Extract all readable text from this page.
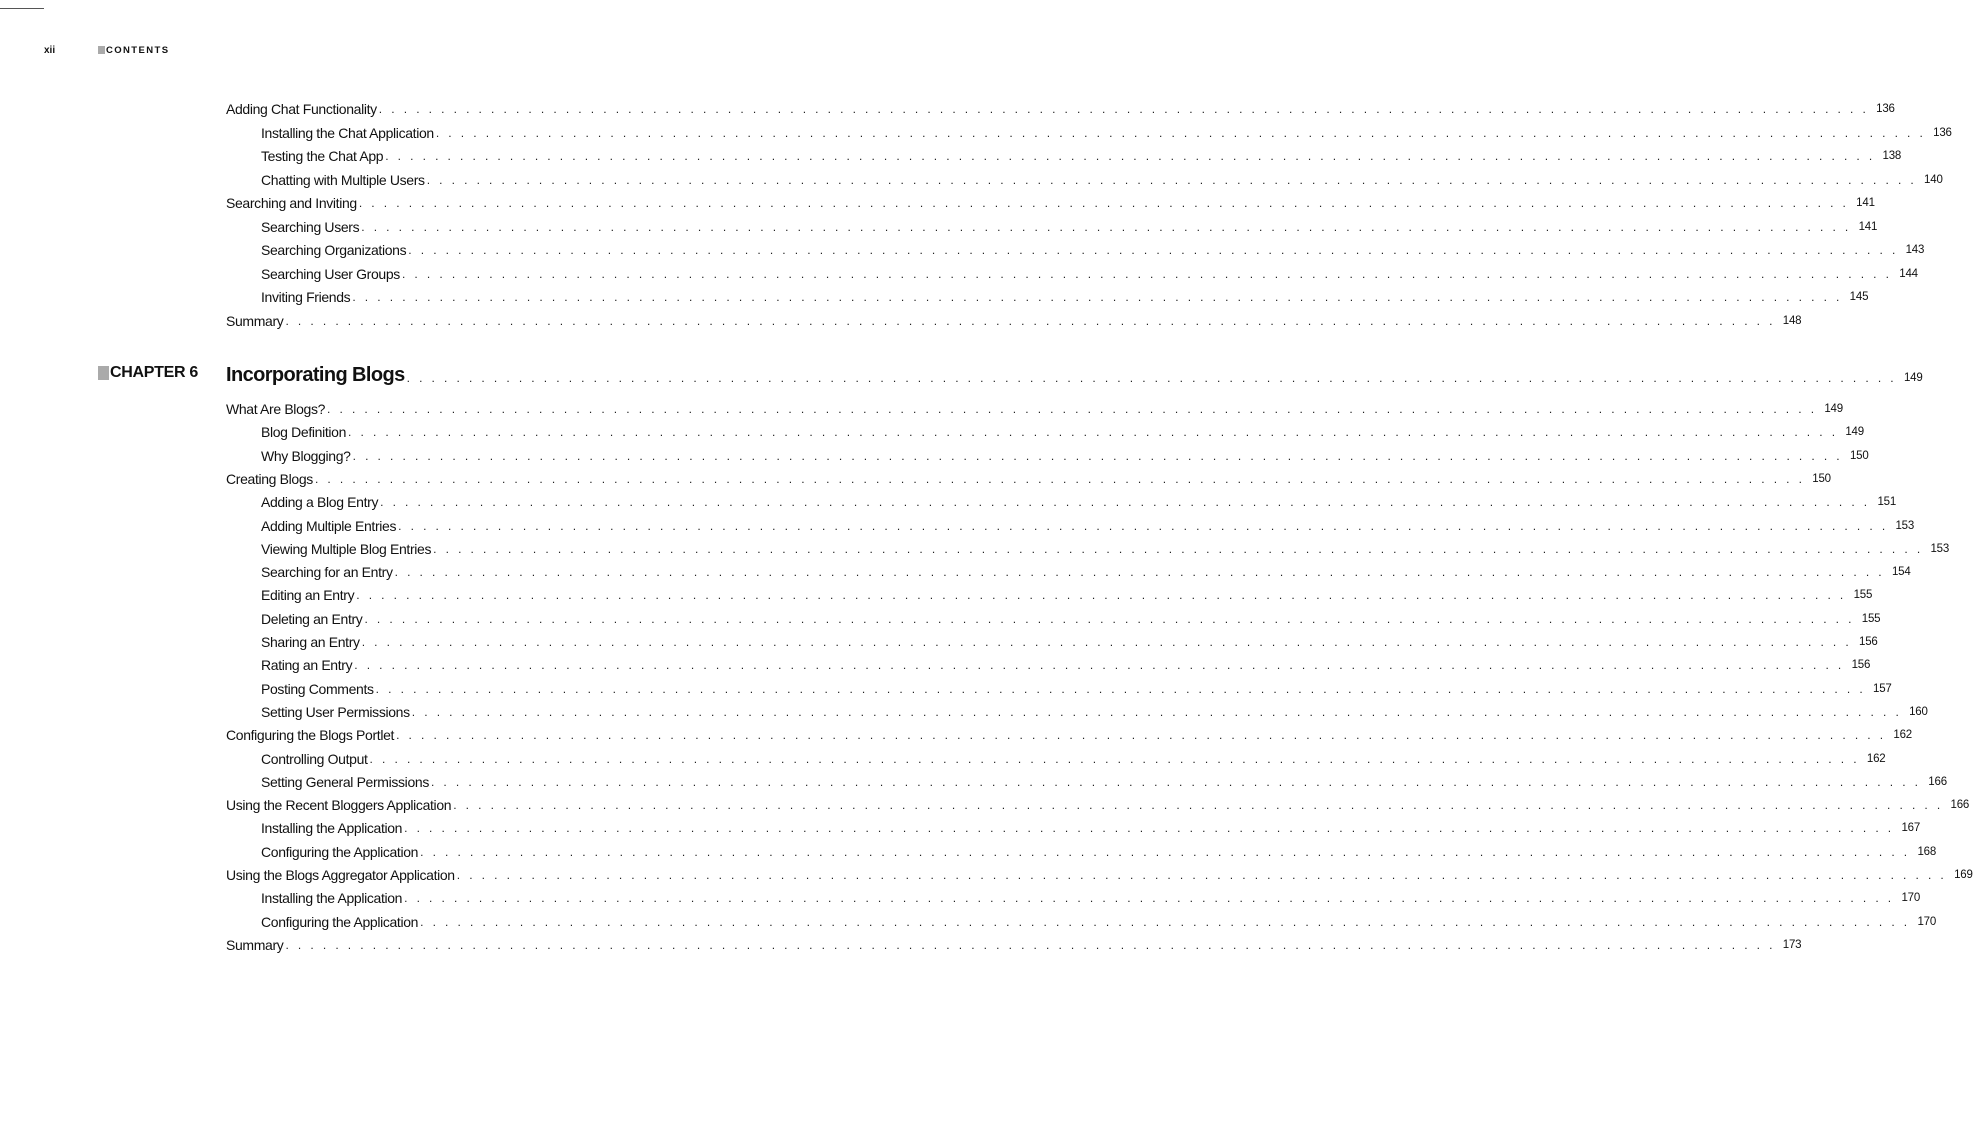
xii	CONTENTS
CHAPTER 6 Incorporating Blogs . . . . . . . . . . . . . . . . . . . . . . . . . . . . . . . . . . . . . . . . . . . . . . . . . . . . . . . . . . . . . . . . . . . . . . . . . . . . . . . . . . . . . . . . . . . . . . . . . . . . . . . . . . . . . . . . . . . . . . . . 149
Adding Chat Functionality . . . . . . . . . . . . . . . . . . . . . . . . . . . . . . . . . . . . . . . . . . . . . . . . . . . . . . . . . . . . . . . . . . . . . . . . . . . . . . . . . . . . . . . . . . . . . . . . . . . . . . . . . . . . . . . . . . . . . . . . 136
Installing the Chat Application . . . . . . . . . . . . . . . . . . . . . . . . . . . . . . . . . . . . . . . . . . . . . . . . . . . . . . . . . . . . . . . . . . . . . . . . . . . . . . . . . . . . . . . . . . . . . . . . . . . . . . . . . . . . . . . . . . . . . . . . 136
Testing the Chat App . . . . . . . . . . . . . . . . . . . . . . . . . . . . . . . . . . . . . . . . . . . . . . . . . . . . . . . . . . . . . . . . . . . . . . . . . . . . . . . . . . . . . . . . . . . . . . . . . . . . . . . . . . . . . . . . . . . . . . . . 138
Chatting with Multiple Users . . . . . . . . . . . . . . . . . . . . . . . . . . . . . . . . . . . . . . . . . . . . . . . . . . . . . . . . . . . . . . . . . . . . . . . . . . . . . . . . . . . . . . . . . . . . . . . . . . . . . . . . . . . . . . . . . . . . . . . . 140
Searching and Inviting . . . . . . . . . . . . . . . . . . . . . . . . . . . . . . . . . . . . . . . . . . . . . . . . . . . . . . . . . . . . . . . . . . . . . . . . . . . . . . . . . . . . . . . . . . . . . . . . . . . . . . . . . . . . . . . . . . . . . . . . 141
Searching Users . . . . . . . . . . . . . . . . . . . . . . . . . . . . . . . . . . . . . . . . . . . . . . . . . . . . . . . . . . . . . . . . . . . . . . . . . . . . . . . . . . . . . . . . . . . . . . . . . . . . . . . . . . . . . . . . . . . . . . . . 141
Searching Organizations . . . . . . . . . . . . . . . . . . . . . . . . . . . . . . . . . . . . . . . . . . . . . . . . . . . . . . . . . . . . . . . . . . . . . . . . . . . . . . . . . . . . . . . . . . . . . . . . . . . . . . . . . . . . . . . . . . . . . . . . 143
Searching User Groups . . . . . . . . . . . . . . . . . . . . . . . . . . . . . . . . . . . . . . . . . . . . . . . . . . . . . . . . . . . . . . . . . . . . . . . . . . . . . . . . . . . . . . . . . . . . . . . . . . . . . . . . . . . . . . . . . . . . . . . . 144
Inviting Friends . . . . . . . . . . . . . . . . . . . . . . . . . . . . . . . . . . . . . . . . . . . . . . . . . . . . . . . . . . . . . . . . . . . . . . . . . . . . . . . . . . . . . . . . . . . . . . . . . . . . . . . . . . . . . . . . . . . . . . . . 145
Summary . . . . . . . . . . . . . . . . . . . . . . . . . . . . . . . . . . . . . . . . . . . . . . . . . . . . . . . . . . . . . . . . . . . . . . . . . . . . . . . . . . . . . . . . . . . . . . . . . . . . . . . . . . . . . . . . . . . . . . . . 148
What Are Blogs? . . . . . . . . . . . . . . . . . . . . . . . . . . . . . . . . . . . . . . . . . . . . . . . . . . . . . . . . . . . . . . . . . . . . . . . . . . . . . . . . . . . . . . . . . . . . . . . . . . . . . . . . . . . . . . . . . . . . . . . . 149
Blog Definition . . . . . . . . . . . . . . . . . . . . . . . . . . . . . . . . . . . . . . . . . . . . . . . . . . . . . . . . . . . . . . . . . . . . . . . . . . . . . . . . . . . . . . . . . . . . . . . . . . . . . . . . . . . . . . . . . . . . . . . . 149
Why Blogging? . . . . . . . . . . . . . . . . . . . . . . . . . . . . . . . . . . . . . . . . . . . . . . . . . . . . . . . . . . . . . . . . . . . . . . . . . . . . . . . . . . . . . . . . . . . . . . . . . . . . . . . . . . . . . . . . . . . . . . . . 150
Creating Blogs . . . . . . . . . . . . . . . . . . . . . . . . . . . . . . . . . . . . . . . . . . . . . . . . . . . . . . . . . . . . . . . . . . . . . . . . . . . . . . . . . . . . . . . . . . . . . . . . . . . . . . . . . . . . . . . . . . . . . . . . 150
Adding a Blog Entry . . . . . . . . . . . . . . . . . . . . . . . . . . . . . . . . . . . . . . . . . . . . . . . . . . . . . . . . . . . . . . . . . . . . . . . . . . . . . . . . . . . . . . . . . . . . . . . . . . . . . . . . . . . . . . . . . . . . . . . . 151
Adding Multiple Entries . . . . . . . . . . . . . . . . . . . . . . . . . . . . . . . . . . . . . . . . . . . . . . . . . . . . . . . . . . . . . . . . . . . . . . . . . . . . . . . . . . . . . . . . . . . . . . . . . . . . . . . . . . . . . . . . . . . . . . . . 153
Viewing Multiple Blog Entries . . . . . . . . . . . . . . . . . . . . . . . . . . . . . . . . . . . . . . . . . . . . . . . . . . . . . . . . . . . . . . . . . . . . . . . . . . . . . . . . . . . . . . . . . . . . . . . . . . . . . . . . . . . . . . . . . . . . . . . . 153
Searching for an Entry . . . . . . . . . . . . . . . . . . . . . . . . . . . . . . . . . . . . . . . . . . . . . . . . . . . . . . . . . . . . . . . . . . . . . . . . . . . . . . . . . . . . . . . . . . . . . . . . . . . . . . . . . . . . . . . . . . . . . . . . 154
Editing an Entry . . . . . . . . . . . . . . . . . . . . . . . . . . . . . . . . . . . . . . . . . . . . . . . . . . . . . . . . . . . . . . . . . . . . . . . . . . . . . . . . . . . . . . . . . . . . . . . . . . . . . . . . . . . . . . . . . . . . . . . . 155
Deleting an Entry . . . . . . . . . . . . . . . . . . . . . . . . . . . . . . . . . . . . . . . . . . . . . . . . . . . . . . . . . . . . . . . . . . . . . . . . . . . . . . . . . . . . . . . . . . . . . . . . . . . . . . . . . . . . . . . . . . . . . . . . 155
Sharing an Entry . . . . . . . . . . . . . . . . . . . . . . . . . . . . . . . . . . . . . . . . . . . . . . . . . . . . . . . . . . . . . . . . . . . . . . . . . . . . . . . . . . . . . . . . . . . . . . . . . . . . . . . . . . . . . . . . . . . . . . . . 156
Rating an Entry . . . . . . . . . . . . . . . . . . . . . . . . . . . . . . . . . . . . . . . . . . . . . . . . . . . . . . . . . . . . . . . . . . . . . . . . . . . . . . . . . . . . . . . . . . . . . . . . . . . . . . . . . . . . . . . . . . . . . . . . 156
Posting Comments . . . . . . . . . . . . . . . . . . . . . . . . . . . . . . . . . . . . . . . . . . . . . . . . . . . . . . . . . . . . . . . . . . . . . . . . . . . . . . . . . . . . . . . . . . . . . . . . . . . . . . . . . . . . . . . . . . . . . . . . 157
Setting User Permissions . . . . . . . . . . . . . . . . . . . . . . . . . . . . . . . . . . . . . . . . . . . . . . . . . . . . . . . . . . . . . . . . . . . . . . . . . . . . . . . . . . . . . . . . . . . . . . . . . . . . . . . . . . . . . . . . . . . . . . . . 160
Configuring the Blogs Portlet . . . . . . . . . . . . . . . . . . . . . . . . . . . . . . . . . . . . . . . . . . . . . . . . . . . . . . . . . . . . . . . . . . . . . . . . . . . . . . . . . . . . . . . . . . . . . . . . . . . . . . . . . . . . . . . . . . . . . . . . 162
Controlling Output . . . . . . . . . . . . . . . . . . . . . . . . . . . . . . . . . . . . . . . . . . . . . . . . . . . . . . . . . . . . . . . . . . . . . . . . . . . . . . . . . . . . . . . . . . . . . . . . . . . . . . . . . . . . . . . . . . . . . . . . 162
Setting General Permissions . . . . . . . . . . . . . . . . . . . . . . . . . . . . . . . . . . . . . . . . . . . . . . . . . . . . . . . . . . . . . . . . . . . . . . . . . . . . . . . . . . . . . . . . . . . . . . . . . . . . . . . . . . . . . . . . . . . . . . . . 166
Using the Recent Bloggers Application . . . . . . . . . . . . . . . . . . . . . . . . . . . . . . . . . . . . . . . . . . . . . . . . . . . . . . . . . . . . . . . . . . . . . . . . . . . . . . . . . . . . . . . . . . . . . . . . . . . . . . . . . . . . . . . . . . . . . . . . 166
Installing the Application . . . . . . . . . . . . . . . . . . . . . . . . . . . . . . . . . . . . . . . . . . . . . . . . . . . . . . . . . . . . . . . . . . . . . . . . . . . . . . . . . . . . . . . . . . . . . . . . . . . . . . . . . . . . . . . . . . . . . . . . 167
Configuring the Application . . . . . . . . . . . . . . . . . . . . . . . . . . . . . . . . . . . . . . . . . . . . . . . . . . . . . . . . . . . . . . . . . . . . . . . . . . . . . . . . . . . . . . . . . . . . . . . . . . . . . . . . . . . . . . . . . . . . . . . . 168
Using the Blogs Aggregator Application . . . . . . . . . . . . . . . . . . . . . . . . . . . . . . . . . . . . . . . . . . . . . . . . . . . . . . . . . . . . . . . . . . . . . . . . . . . . . . . . . . . . . . . . . . . . . . . . . . . . . . . . . . . . . . . . . . . . . . . . 169
Installing the Application . . . . . . . . . . . . . . . . . . . . . . . . . . . . . . . . . . . . . . . . . . . . . . . . . . . . . . . . . . . . . . . . . . . . . . . . . . . . . . . . . . . . . . . . . . . . . . . . . . . . . . . . . . . . . . . . . . . . . . . . 170
Configuring the Application . . . . . . . . . . . . . . . . . . . . . . . . . . . . . . . . . . . . . . . . . . . . . . . . . . . . . . . . . . . . . . . . . . . . . . . . . . . . . . . . . . . . . . . . . . . . . . . . . . . . . . . . . . . . . . . . . . . . . . . . 170
Summary . . . . . . . . . . . . . . . . . . . . . . . . . . . . . . . . . . . . . . . . . . . . . . . . . . . . . . . . . . . . . . . . . . . . . . . . . . . . . . . . . . . . . . . . . . . . . . . . . . . . . . . . . . . . . . . . . . . . . . . . 173
